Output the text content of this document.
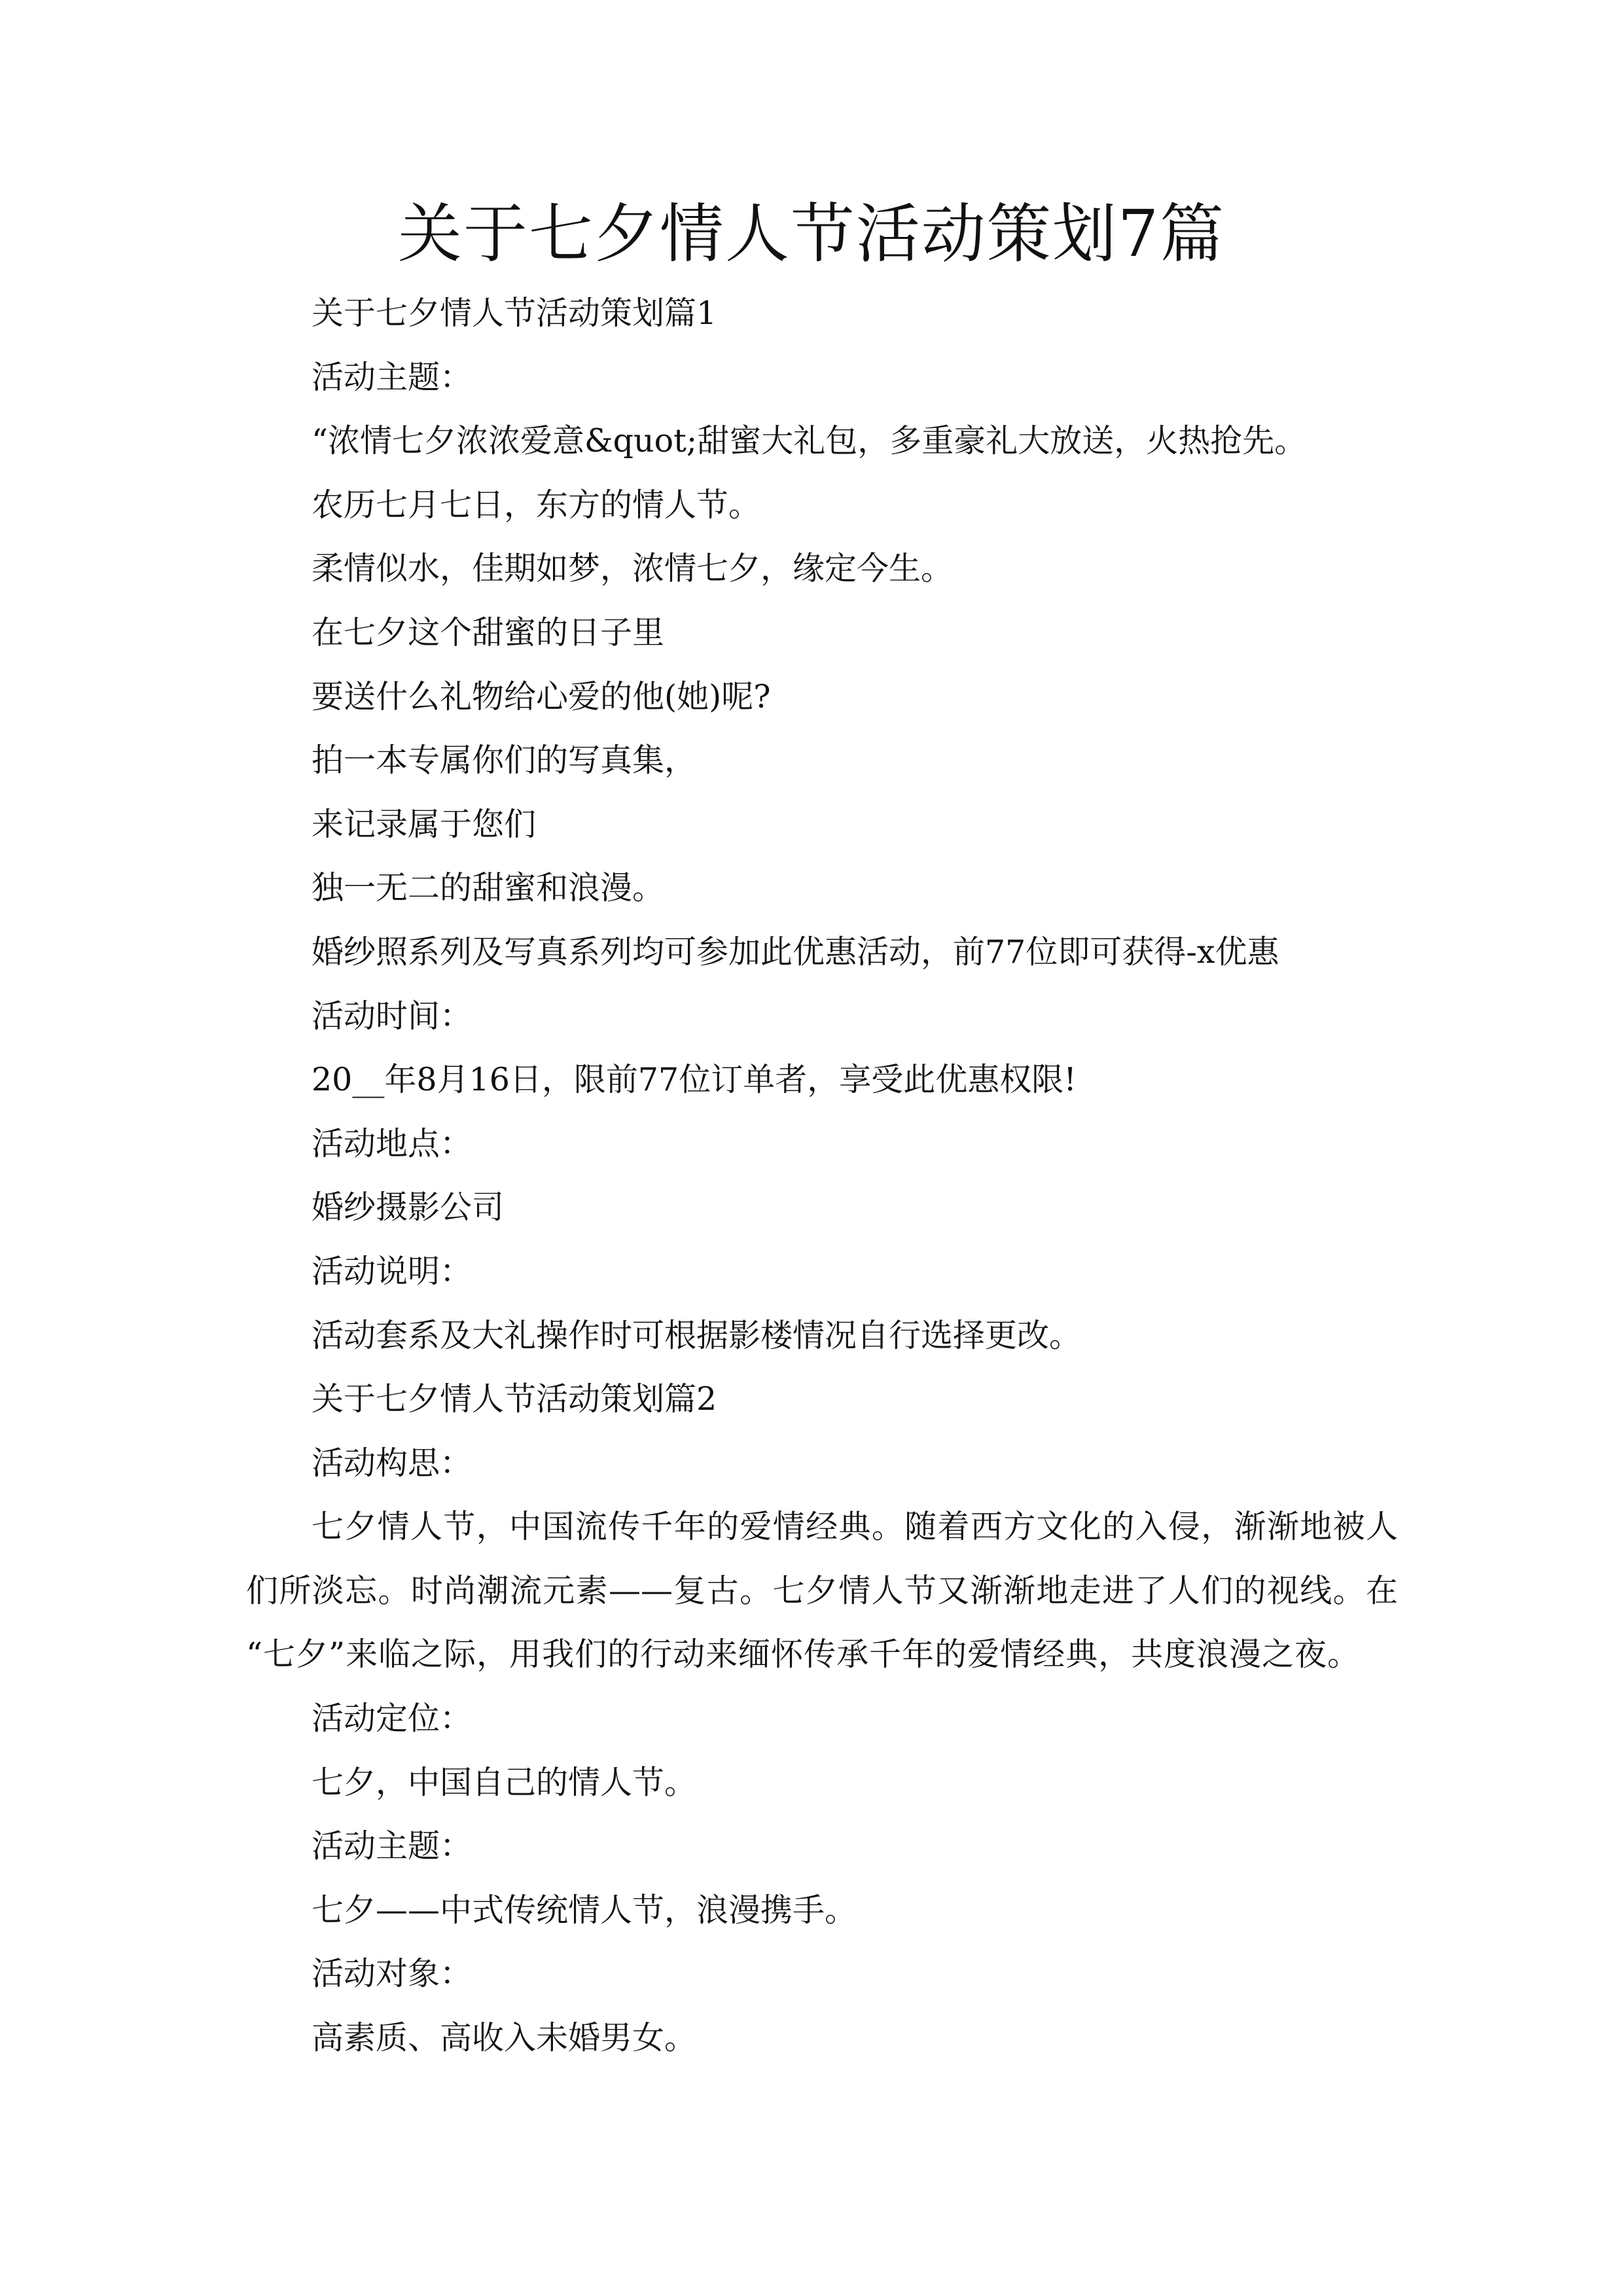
关于七夕情人节活动策划7篇
关于七夕情人节活动策划篇1
活动主题：
“浓情七夕浓浓爱意&quot;甜蜜大礼包，多重豪礼大放送，火热抢先。
农历七月七日，东方的情人节。
柔情似水，佳期如梦，浓情七夕，缘定今生。
在七夕这个甜蜜的日子里
要送什么礼物给心爱的他(她)呢?
拍一本专属你们的写真集，
来记录属于您们
独一无二的甜蜜和浪漫。
婚纱照系列及写真系列均可参加此优惠活动，前77位即可获得-x优惠
活动时间：
20__年8月16日，限前77位订单者，享受此优惠权限!
活动地点：
婚纱摄影公司
活动说明：
活动套系及大礼操作时可根据影楼情况自行选择更改。
关于七夕情人节活动策划篇2
活动构思：
七夕情人节，中国流传千年的爱情经典。随着西方文化的入侵，渐渐地被人
们所淡忘。时尚潮流元素——复古。七夕情人节又渐渐地走进了人们的视线。在
“七夕”来临之际，用我们的行动来缅怀传承千年的爱情经典，共度浪漫之夜。
活动定位：
七夕，中国自己的情人节。
活动主题：
七夕——中式传统情人节，浪漫携手。
活动对象：
高素质、高收入未婚男女。
